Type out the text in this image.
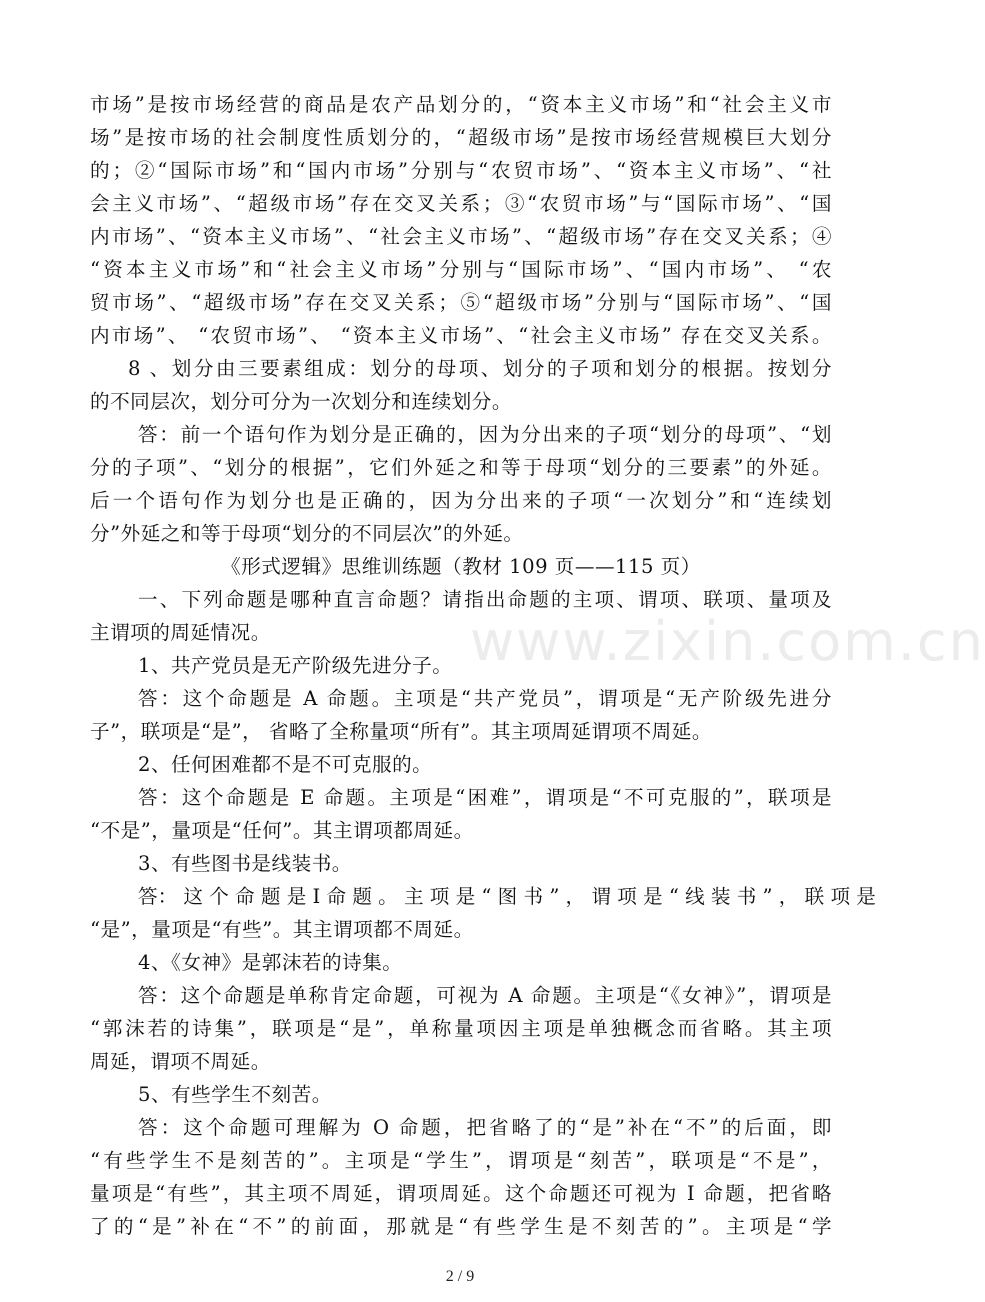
www.zixin.com.cn
市场”是按市场经营的商品是农产品划分的，“资本主义市场”和“社会主义市
场”是按市场的社会制度性质划分的，“超级市场”是按市场经营规模巨大划分
的；②“国际市场”和“国内市场”分别与“农贸市场”、“资本主义市场”、“社
会主义市场”、“超级市场”存在交叉关系；③“农贸市场”与“国际市场”、“国
内市场”、“资本主义市场”、“社会主义市场”、“超级市场”存在交叉关系；④
“资本主义市场”和“社会主义市场”分别与“国际市场”、“国内市场”、 “农
贸市场”、“超级市场”存在交叉关系；⑤“超级市场”分别与“国际市场”、“国
内市场”、 “农贸市场”、 “资本主义市场”、“社会主义市场” 存在交叉关系。
8 、划分由三要素组成：划分的母项、划分的子项和划分的根据。按划分
的不同层次，划分可分为一次划分和连续划分。
答：前一个语句作为划分是正确的，因为分出来的子项“划分的母项”、“划
分的子项”、“划分的根据”，它们外延之和等于母项“划分的三要素”的外延。
后一个语句作为划分也是正确的，因为分出来的子项“一次划分”和“连续划
分”外延之和等于母项“划分的不同层次”的外延。
《形式逻辑》思维训练题（教材 109 页——115 页）
一、下列命题是哪种直言命题？请指出命题的主项、谓项、联项、量项及
主谓项的周延情况。
1、共产党员是无产阶级先进分子。
答：这个命题是 A 命题。主项是“共产党员”，谓项是“无产阶级先进分
子”，联项是“是”， 省略了全称量项“所有”。其主项周延谓项不周延。
2、任何困难都不是不可克服的。
答：这个命题是 E 命题。主项是“困难”，谓项是“不可克服的”，联项是
“不是”，量项是“任何”。其主谓项都周延。
3、有些图书是线装书。
答： 这 个 命 题 是 I 命 题 。 主 项 是 “ 图 书 ” ， 谓 项 是 “ 线 装 书 ” ， 联 项 是
“是”，量项是“有些”。其主谓项都不周延。
4、《女神》是郭沫若的诗集。
答：这个命题是单称肯定命题，可视为 A 命题。主项是“《女神》”，谓项是
“郭沫若的诗集”，联项是“是”，单称量项因主项是单独概念而省略。其主项
周延，谓项不周延。
5、有些学生不刻苦。
答：这个命题可理解为 O 命题，把省略了的“是”补在“不”的后面，即
“有些学生不是刻苦的”。主项是“学生”，谓项是“刻苦”，联项是“不是”，
量项是“有些”，其主项不周延，谓项周延。这个命题还可视为 I 命题，把省略
了的“是”补在“不”的前面，那就是“有些学生是不刻苦的”。主项是“学
2 / 9
